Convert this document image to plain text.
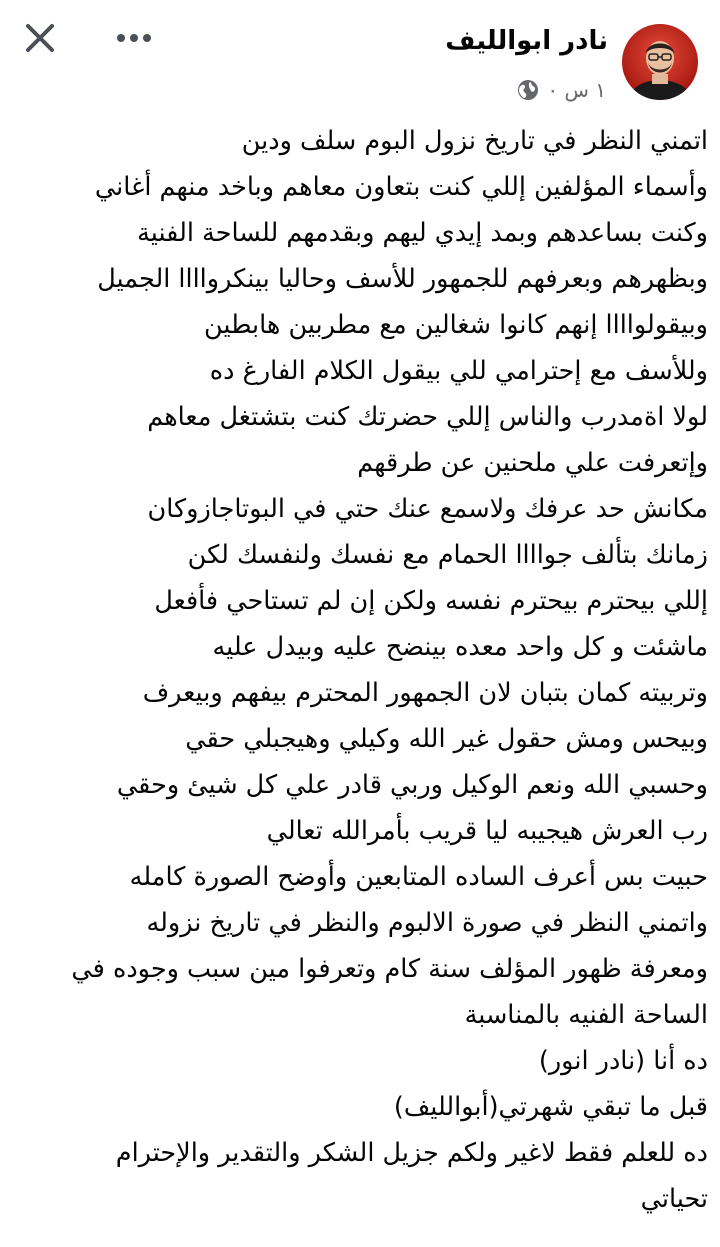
نادر ابوالليف
١ س ٠
اتمني النظر في تاريخ نزول البوم سلف ودين
وأسماء المؤلفين إللي كنت بتعاون معاهم وباخد منهم أغاني
وكنت بساعدهم وبمد إيدي ليهم وبقدمهم للساحة الفنية
وبظهرهم وبعرفهم للجمهور للأسف وحاليا بينكرواااا الجميل
وبيقولواااا إنهم كانوا شغالين مع مطربين هابطين
وللأسف مع إحترامي للي بيقول الكلام الفارغ ده
لولا اةمدرب والناس إللي حضرتك كنت بتشتغل معاهم
وإتعرفت علي ملحنين عن طرقهم
مكانش حد عرفك ولاسمع عنك حتي في البوتاجازوكان
زمانك بتألف جواااا الحمام مع نفسك ولنفسك لكن
إللي بيحترم بيحترم نفسه ولكن إن لم تستاحي فأفعل
ماشئت و كل واحد معده بينضح عليه وبيدل عليه
وتربيته كمان بتبان لان الجمهور المحترم بيفهم وبيعرف
وبيحس ومش حقول غير الله وكيلي وهيجبلي حقي
وحسبي الله ونعم الوكيل وربي قادر علي كل شيئ وحقي
رب العرش هيجيبه ليا قريب بأمرالله تعالي
حبيت بس أعرف الساده المتابعين وأوضح الصورة كامله
واتمني النظر في صورة الالبوم والنظر في تاريخ نزوله
ومعرفة ظهور المؤلف سنة كام وتعرفوا مين سبب وجوده في
الساحة الفنيه بالمناسبة
ده أنا (نادر انور)
قبل ما تبقي شهرتي(أبوالليف)
ده للعلم فقط لاغير ولكم جزيل الشكر والتقدير والإحترام
تحياتي
